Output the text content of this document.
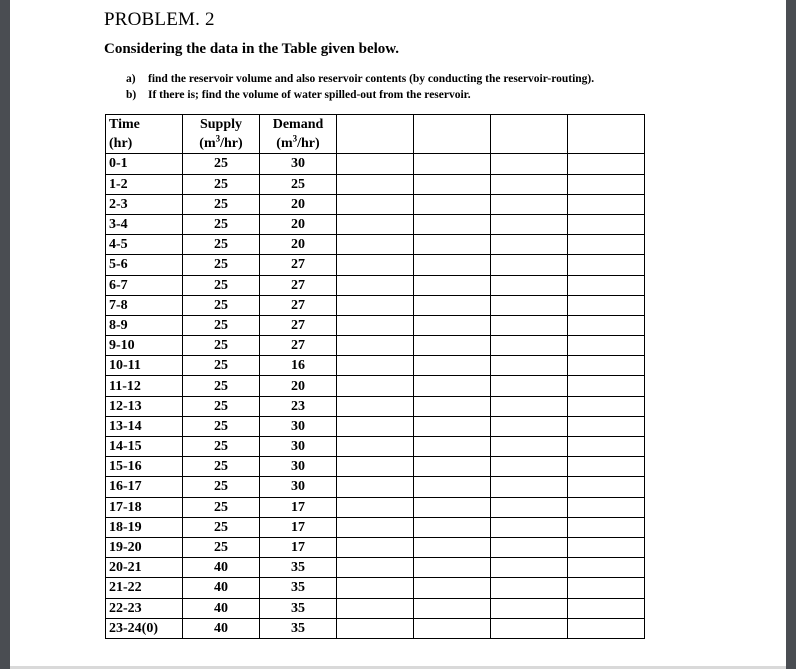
PROBLEM. 2
Considering the data in the Table given below.
a) find the reservoir volume and also reservoir contents (by conducting the reservoir-routing).
b) If there is; find the volume of water spilled-out from the reservoir.
Time	Supply	Demand				
(hr)	$(m^3/hr)$	$(m^3/hr)$				
0-1	25	30				
1-2	25	25				
2-3	25	20				
3-4	25	20				
4-5	25	20				
5-6	25	27				
6-7	25	27				
7-8	25	27				
8-9	25	27				
9-10	25	27				
10-11	25	16				
11-12	25	20				
12-13	25	23				
13-14	25	30				
14-15	25	30				
15-16	25	30				
16-17	25	30				
17-18	25	17				
18-19	25	17				
19-20	25	17				
20-21	40	35				
21-22	40	35				
22-23	40	35				
23-24(0)	40	35				
